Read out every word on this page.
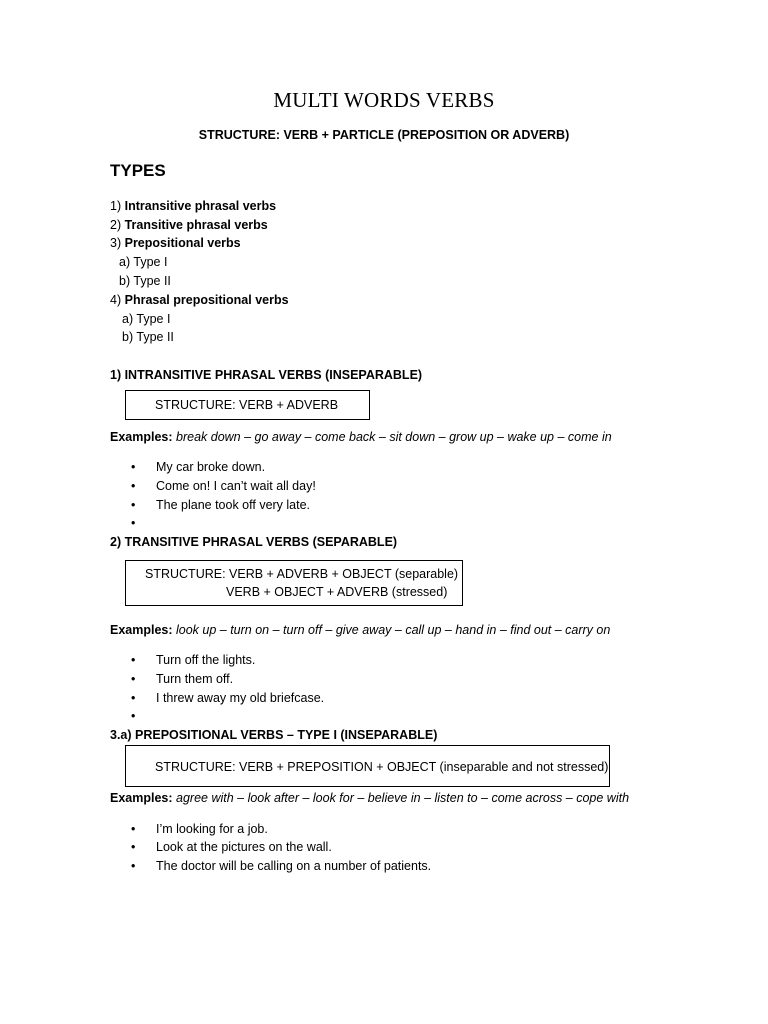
MULTI WORDS VERBS
STRUCTURE: VERB + PARTICLE (PREPOSITION OR ADVERB)
TYPES
1) Intransitive phrasal verbs
2) Transitive phrasal verbs
3) Prepositional verbs
a) Type I
b) Type II
4) Phrasal prepositional verbs
a) Type I
b) Type II
1) INTRANSITIVE PHRASAL VERBS (INSEPARABLE)
STRUCTURE: VERB + ADVERB
Examples: break down – go away – come back – sit down – grow up – wake up – come in
• My car broke down.
• Come on! I can’t wait all day!
• The plane took off very late.
•
2) TRANSITIVE PHRASAL VERBS (SEPARABLE)
STRUCTURE: VERB + ADVERB + OBJECT (separable)
VERB + OBJECT + ADVERB (stressed)
Examples: look up – turn on – turn off – give away – call up – hand in – find out – carry on
• Turn off the lights.
• Turn them off.
• I threw away my old briefcase.
•
3.a) PREPOSITIONAL VERBS – TYPE I (INSEPARABLE)
STRUCTURE: VERB + PREPOSITION + OBJECT (inseparable and not stressed)
Examples: agree with – look after – look for – believe in – listen to – come across – cope with
• I’m looking for a job.
• Look at the pictures on the wall.
• The doctor will be calling on a number of patients.
